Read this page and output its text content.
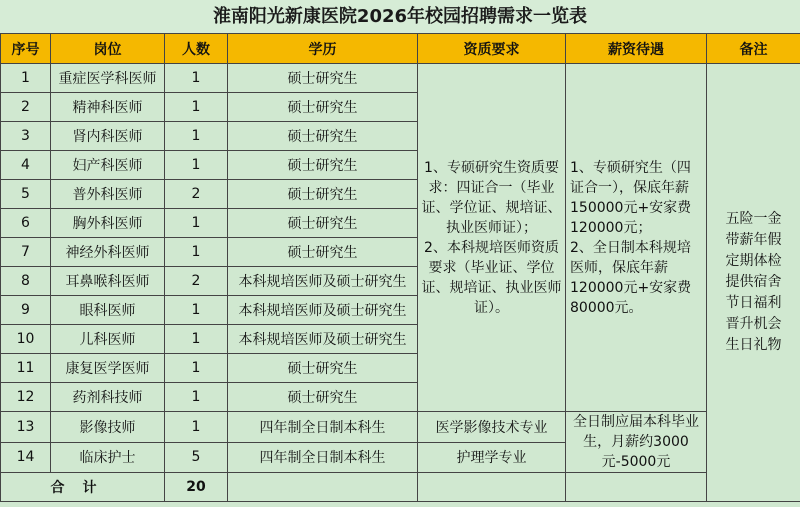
淮南阳光新康医院2026年校园招聘需求一览表
序号	岗位	人数	学历	资质要求	薪资待遇	备注
1	重症医学科医师	1	硕士研究生	1、专硕研究生资质要求：四证合一（毕业证、学位证、规培证、执业医师证）；
2、本科规培医师资质要求（毕业证、学位证、规培证、执业医师证）。	1、专硕研究生（四证合一），保底年薪150000元+安家费120000元；
2、全日制本科规培医师，保底年薪120000元+安家费80000元。	五险一金带薪年假定期体检提供宿舍节日福利晋升机会生日礼物
2	精神科医师	1	硕士研究生			
3	肾内科医师	1	硕士研究生			
4	妇产科医师	1	硕士研究生			
5	普外科医师	2	硕士研究生			
6	胸外科医师	1	硕士研究生			
7	神经外科医师	1	硕士研究生			
8	耳鼻喉科医师	2	本科规培医师及硕士研究生			
9	眼科医师	1	本科规培医师及硕士研究生			
10	儿科医师	1	本科规培医师及硕士研究生			
11	康复医学医师	1	硕士研究生			
12	药剂科技师	1	硕士研究生			
13	影像技师	1	四年制全日制本科生	医学影像技术专业	全日制应届本科毕业生，月薪约3000元-5000元	
14	临床护士	5	四年制全日制本科生	护理学专业		
合计		20				
